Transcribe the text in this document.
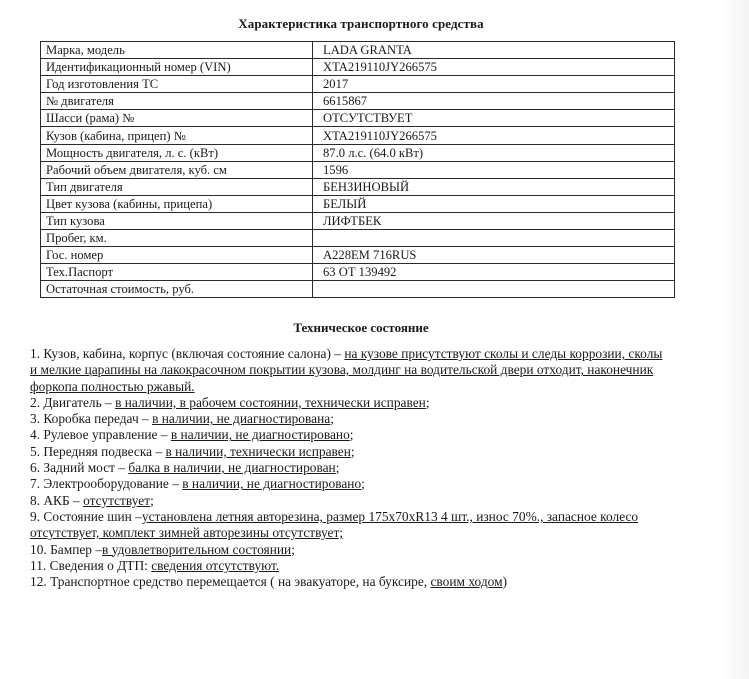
Характеристика транспортного средства
Марка, модель	LADA GRANTA
Идентификационный номер (VIN)	XTA219110JY266575
Год изготовления ТС	2017
№ двигателя	6615867
Шасси (рама) №	ОТСУТСТВУЕТ
Кузов (кабина, прицеп) №	XTA219110JY266575
Мощность двигателя, л. с. (кВт)	87.0 л.с. (64.0 кВт)
Рабочий объем двигателя, куб. см	1596
Тип двигателя	БЕНЗИНОВЫЙ
Цвет кузова (кабины, прицепа)	БЕЛЫЙ
Тип кузова	ЛИФТБЕК
Пробег, км.	
Гос. номер	А228ЕМ 716RUS
Тех.Паспорт	63 ОТ 139492
Остаточная стоимость, руб.	
Техническое состояние
1. Кузов, кабина, корпус (включая состояние салона) – на кузове присутствуют сколы и следы коррозии, сколы и мелкие царапины на лакокрасочном покрытии кузова, молдинг на водительской двери отходит, наконечник форкопа полностью ржавый.
2. Двигатель – в наличии, в рабочем состоянии, технически исправен;
3. Коробка передач – в наличии, не диагностирована;
4. Рулевое управление – в наличии, не диагностировано;
5. Передняя подвеска – в наличии, технически исправен;
6. Задний мост – балка в наличии, не диагностирован;
7. Электрооборудование – в наличии, не диагностировано;
8. АКБ – отсутствует;
9. Состояние шин –установлена летняя авторезина, размер 175х70хR13 4 шт., износ 70%., запасное колесо отсутствует, комплект зимней авторезины отсутствует;
10. Бампер –в удовлетворительном состоянии;
11. Сведения о ДТП: сведения отсутствуют.
12. Транспортное средство перемещается ( на эвакуаторе, на буксире, своим ходом)
